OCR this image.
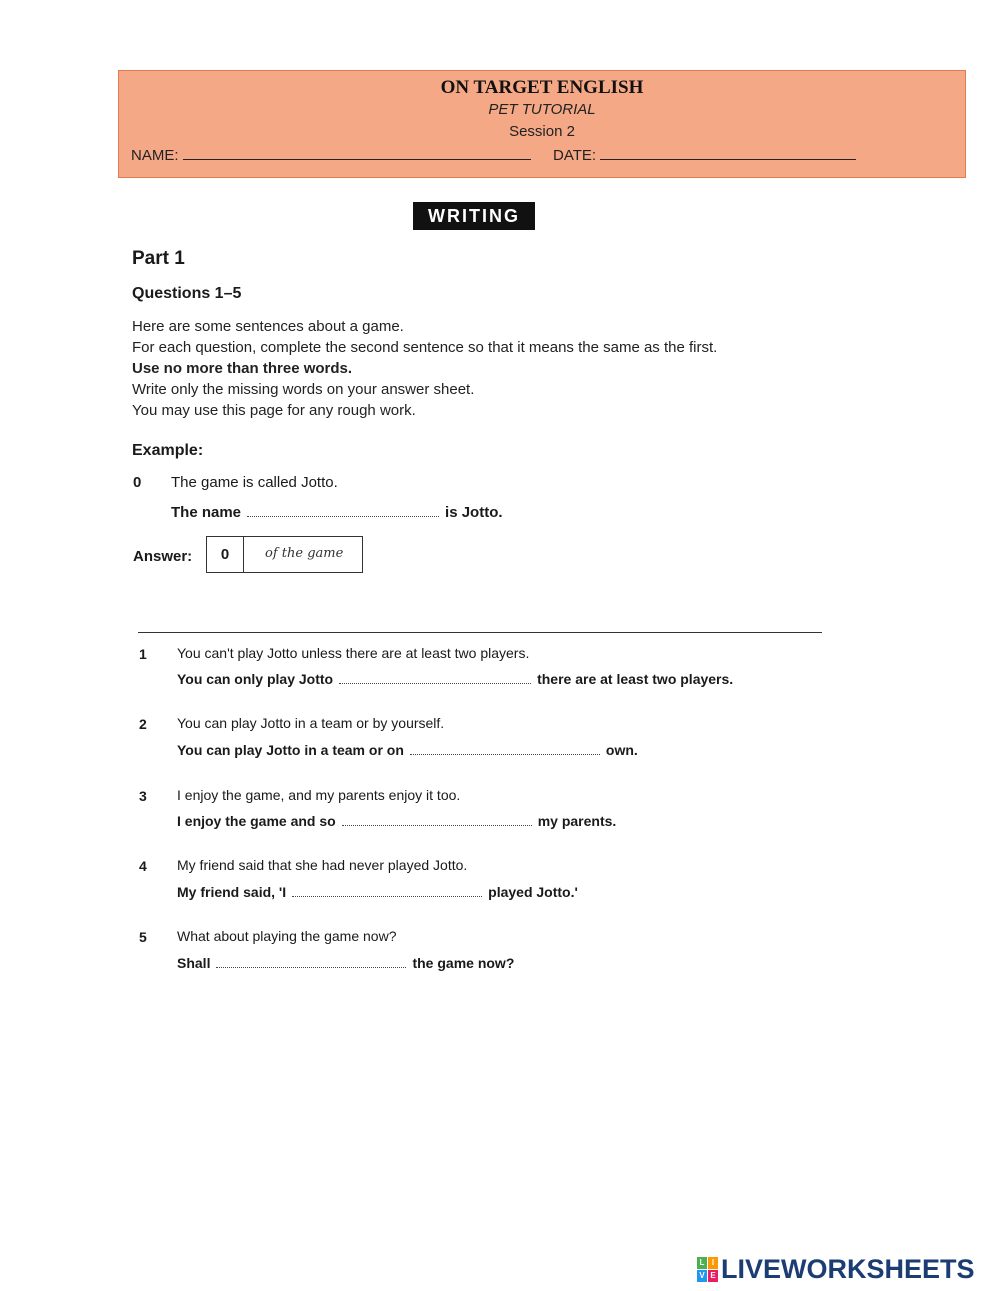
ON TARGET ENGLISH
PET TUTORIAL
Session 2
NAME:	DATE:
WRITING
Part 1
Questions 1–5
Here are some sentences about a game.
For each question, complete the second sentence so that it means the same as the first.
Use no more than three words.
Write only the missing words on your answer sheet.
You may use this page for any rough work.
Example:
0 The game is called Jotto.
The name	is Jotto.
Answer:	0	of the game
1 You can't play Jotto unless there are at least two players.
You can only play Jotto	there are at least two players.
2 You can play Jotto in a team or by yourself.
You can play Jotto in a team or on	own.
3 I enjoy the game, and my parents enjoy it too.
I enjoy the game and so	my parents.
4 My friend said that she had never played Jotto.
My friend said, 'I	played Jotto.'
5 What about playing the game now?
Shall	the game now?
L I
V E LIVEWORKSHEETS
